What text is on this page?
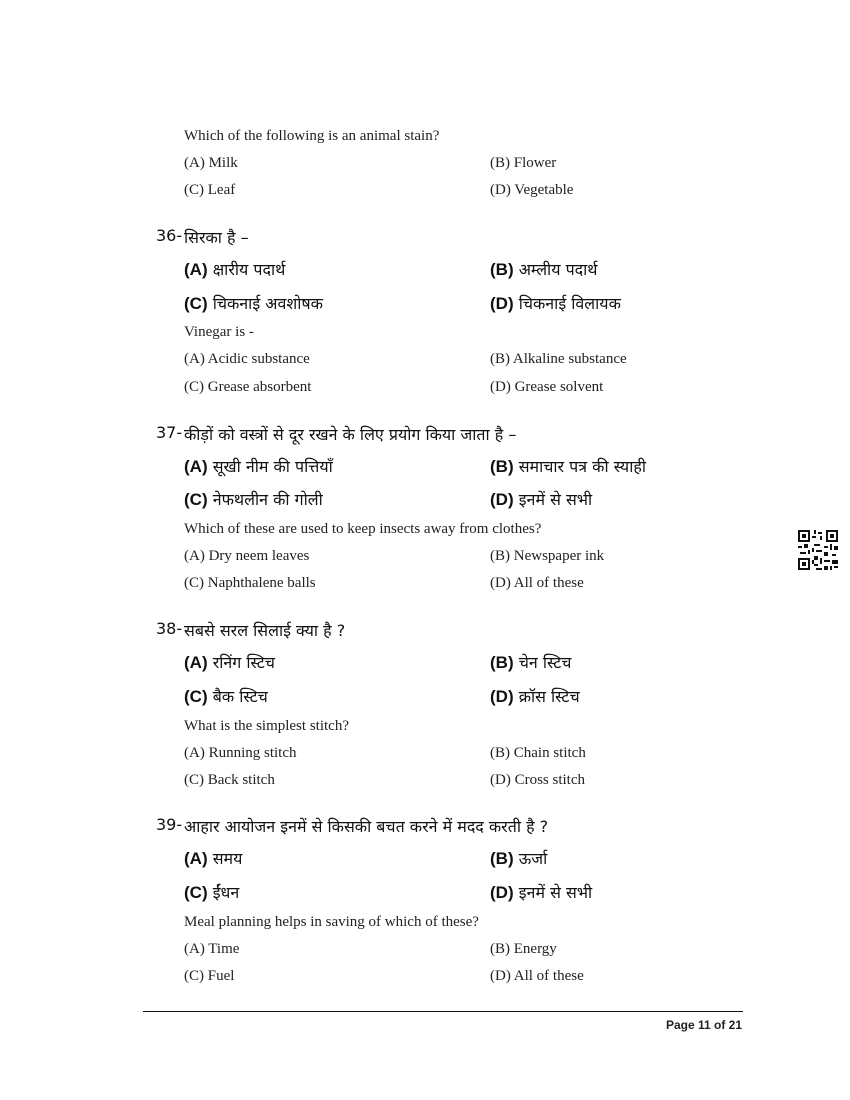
Which of the following is an animal stain?
(A) Milk	(B) Flower
(C) Leaf	(D) Vegetable
36- सिरका है –
(A) क्षारीय पदार्थ	(B) अम्लीय पदार्थ
(C) चिकनाई अवशोषक	(D) चिकनाई विलायक
Vinegar is -
(A) Acidic substance	(B) Alkaline substance
(C) Grease absorbent	(D) Grease solvent
37- कीड़ों को वस्त्रों से दूर रखने के लिए प्रयोग किया जाता है –
(A) सूखी नीम की पत्तियाँ	(B) समाचार पत्र की स्याही
(C) नेफथलीन की गोली	(D) इनमें से सभी
Which of these are used to keep insects away from clothes?
(A) Dry neem leaves	(B) Newspaper ink
(C) Naphthalene balls	(D) All of these
38- सबसे सरल सिलाई क्या है ?
(A) रनिंग स्टिच	(B) चेन स्टिच
(C) बैक स्टिच	(D) क्रॉस स्टिच
What is the simplest stitch?
(A) Running stitch	(B) Chain stitch
(C) Back stitch	(D) Cross stitch
39- आहार आयोजन इनमें से किसकी बचत करने में मदद करती है ?
(A) समय	(B) ऊर्जा
(C) ईंधन	(D) इनमें से सभी
Meal planning helps in saving of which of these?
(A) Time	(B) Energy
(C) Fuel	(D) All of these
Page 11 of 21
